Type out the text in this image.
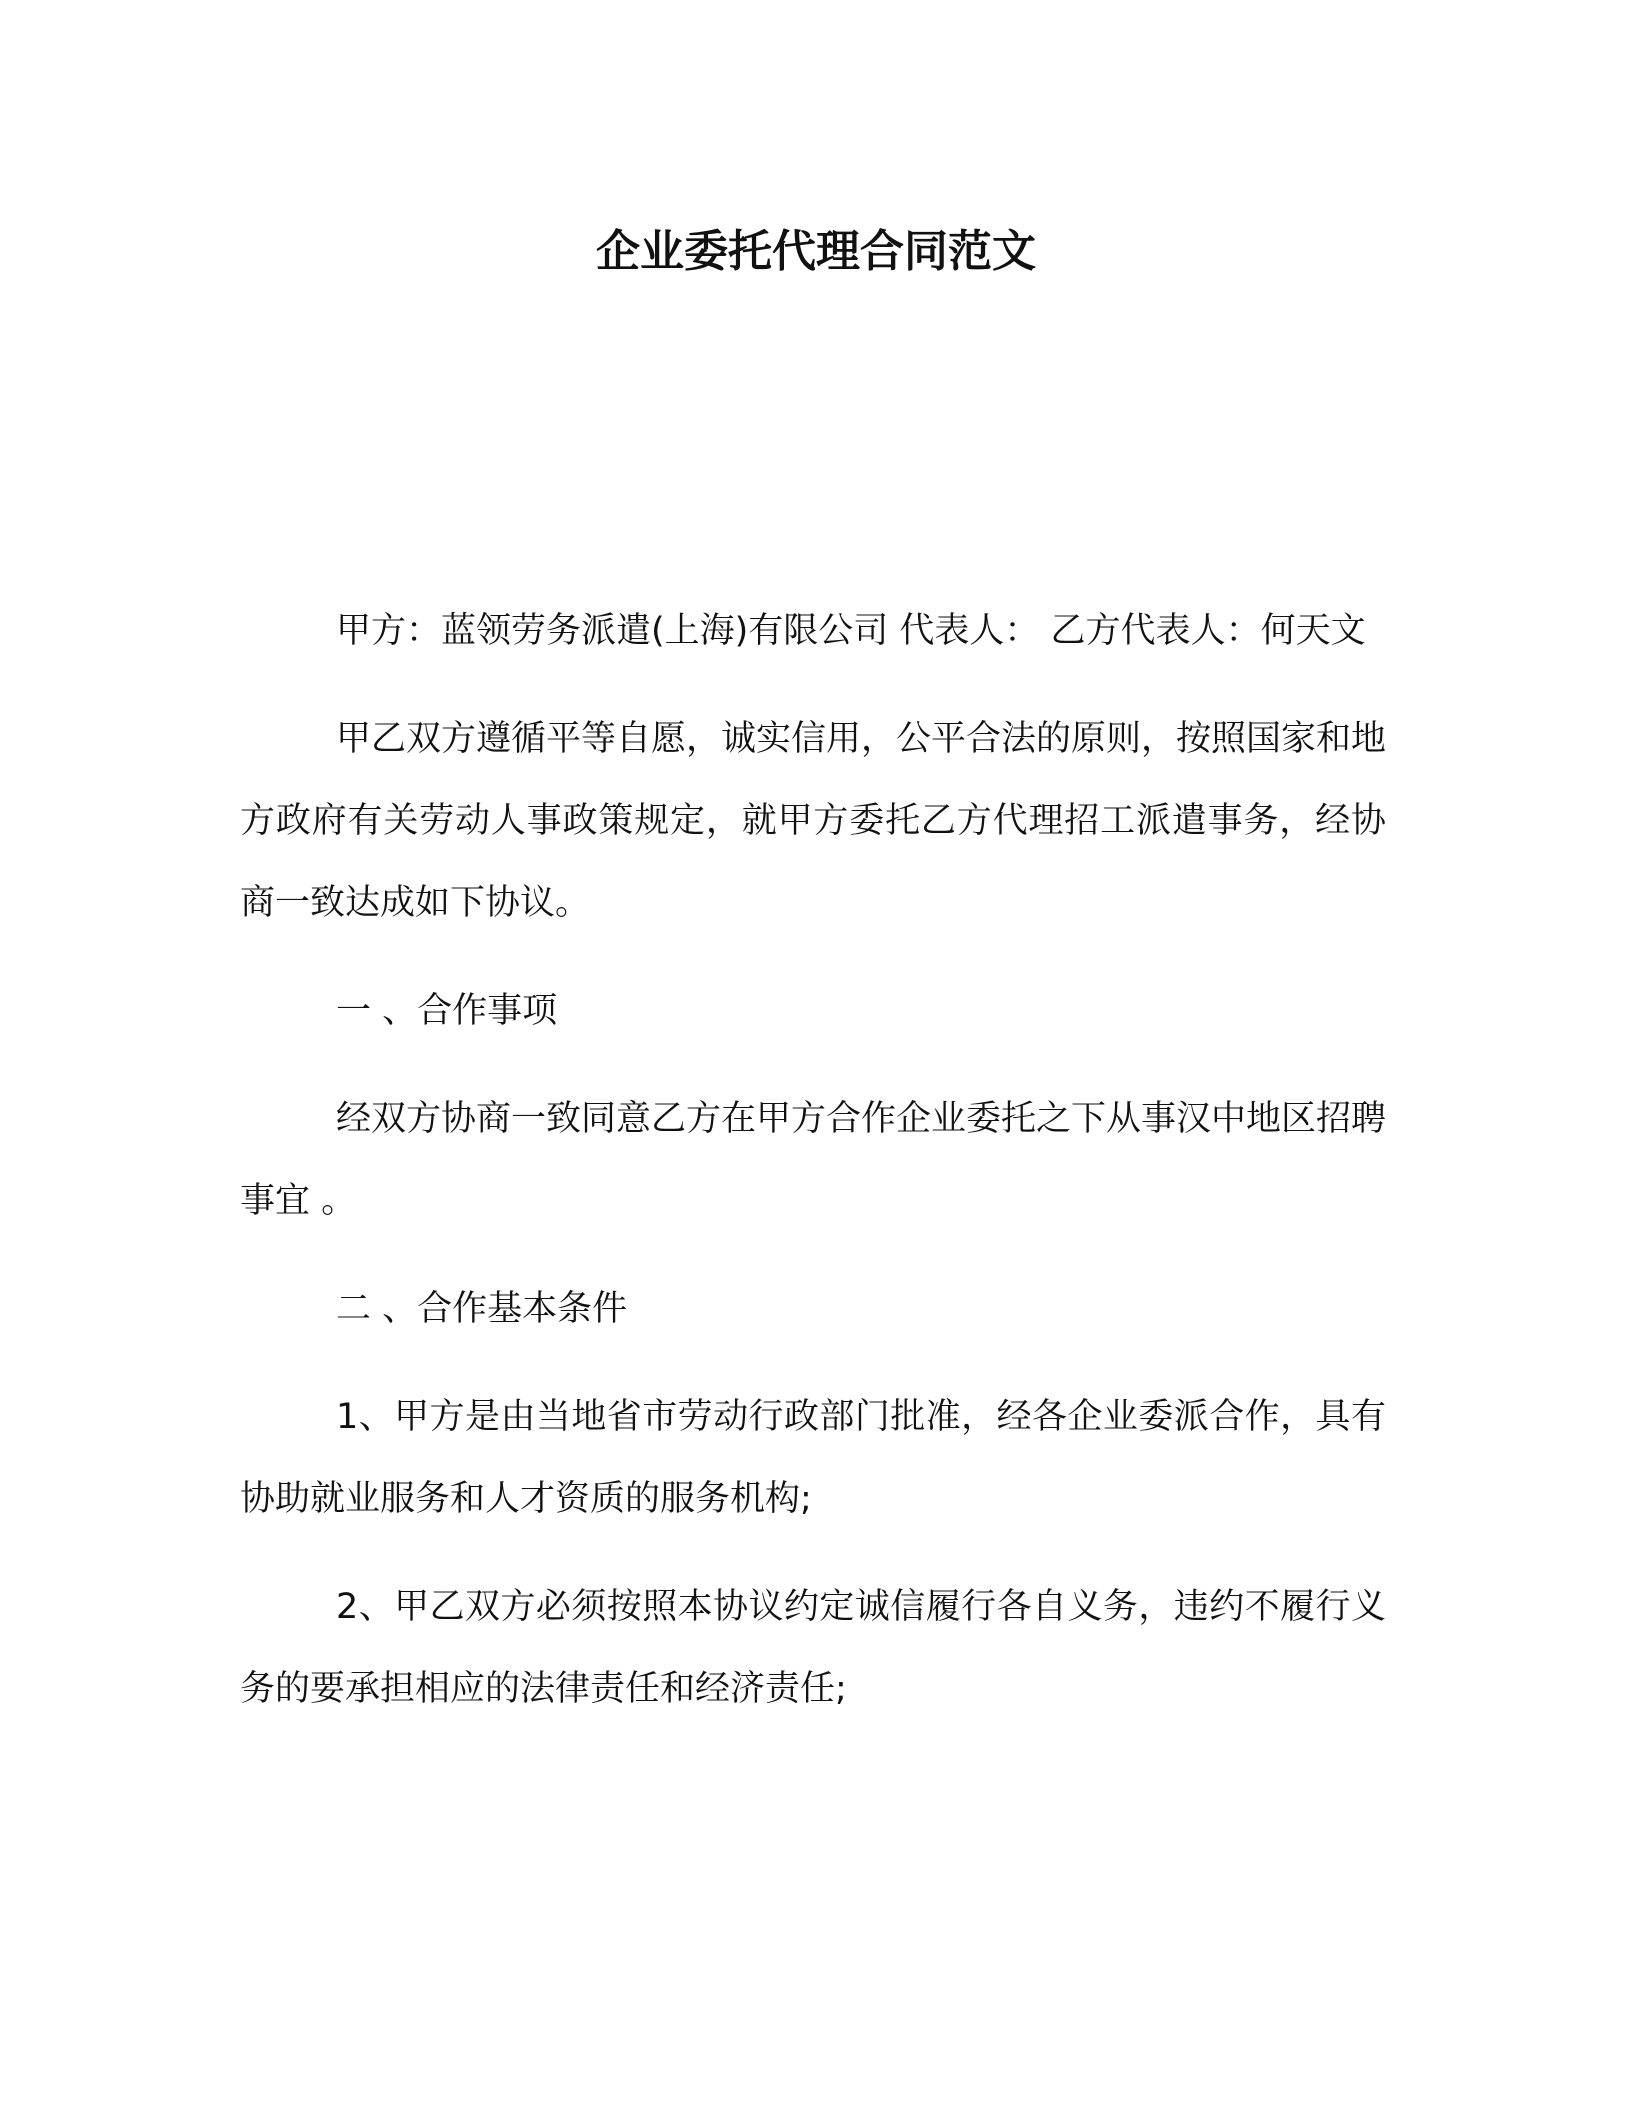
企业委托代理合同范文

甲方：蓝领劳务派遣(上海)有限公司 代表人： 乙方代表人：何天文

甲乙双方遵循平等自愿，诚实信用，公平合法的原则，按照国家和地方政府有关劳动人事政策规定，就甲方委托乙方代理招工派遣事务，经协商一致达成如下协议。

一 、合作事项

经双方协商一致同意乙方在甲方合作企业委托之下从事汉中地区招聘事宜 。

二 、合作基本条件

1、甲方是由当地省市劳动行政部门批准，经各企业委派合作，具有协助就业服务和人才资质的服务机构;

2、甲乙双方必须按照本协议约定诚信履行各自义务，违约不履行义务的要承担相应的法律责任和经济责任;
